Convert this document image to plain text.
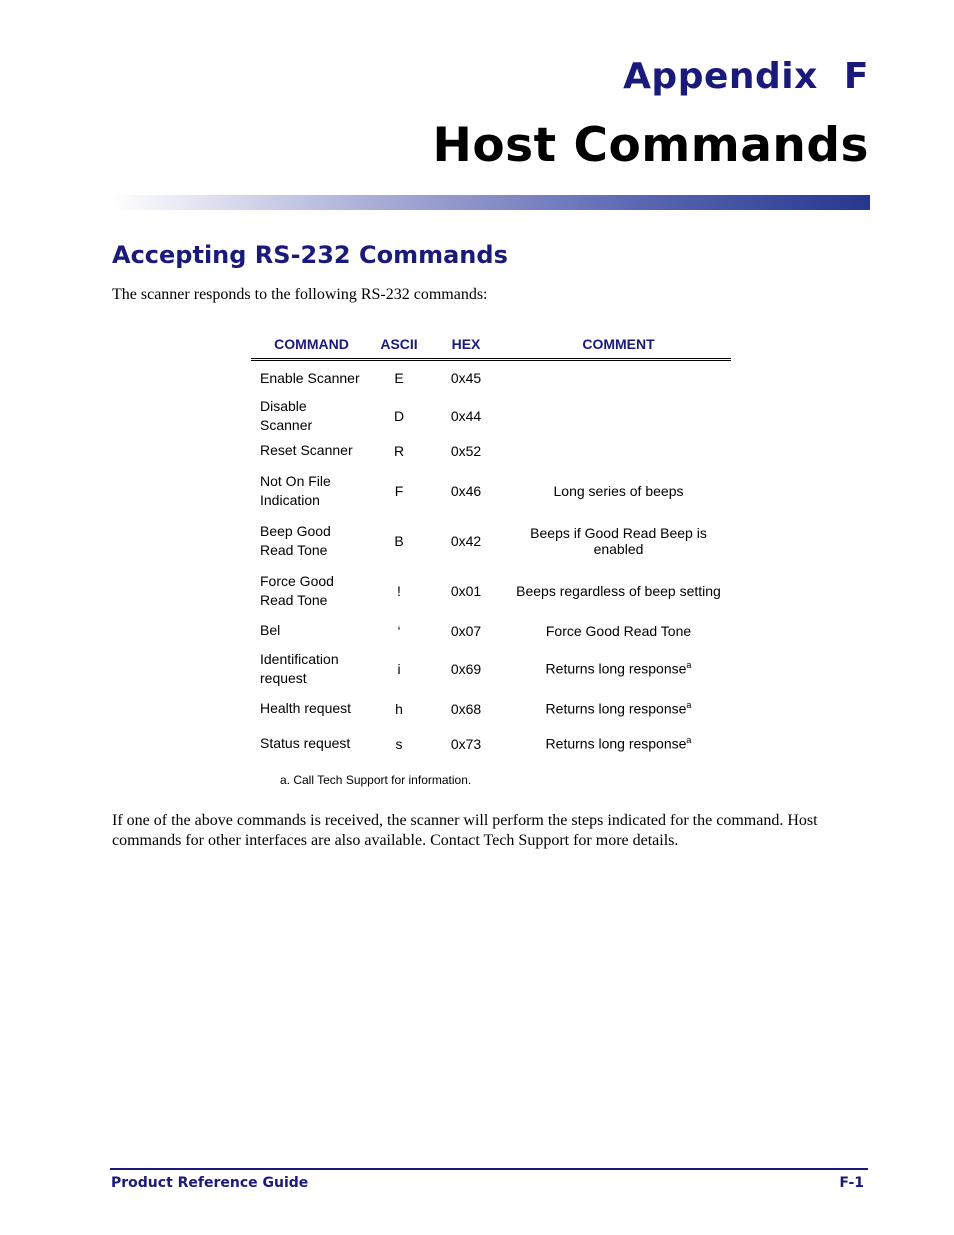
Appendix  F
Host Commands
Accepting RS-232 Commands

The scanner responds to the following RS-232 commands:

COMMAND	ASCII	HEX	COMMENT
Enable Scanner	E	0x45	
Disable
Scanner	D	0x44	
Reset Scanner	R	0x52	
Not On File
Indication	F	0x46	Long series of beeps
Beep Good
Read Tone	B	0x42	Beeps if Good Read Beep is enabled
Force Good
Read Tone	!	0x01	Beeps regardless of beep setting
Bel	‘	0x07	Force Good Read Tone
Identification
request	i	0x69	Returns long response$^a$
Health request	h	0x68	Returns long response$^a$
Status request	s	0x73	Returns long response$^a$
a. Call Tech Support for information.

If one of the above commands is received, the scanner will perform the steps indicated for the command. Host commands for other interfaces are also available. Contact Tech Support for more details.

Product Reference Guide	F-1
